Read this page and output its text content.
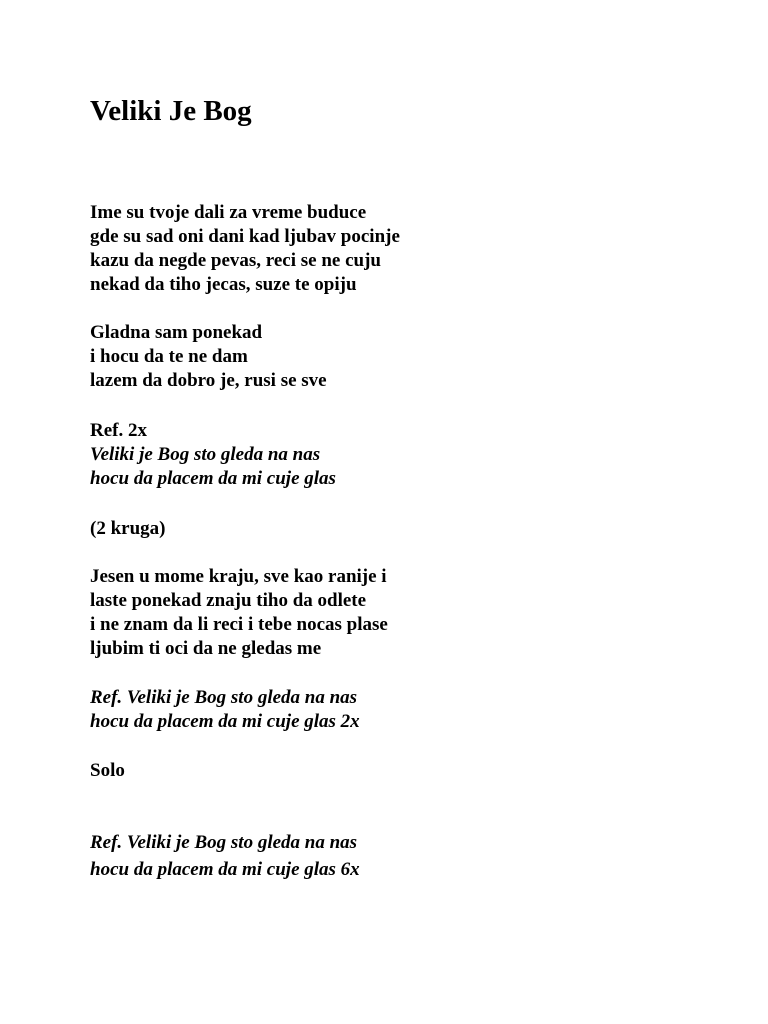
Veliki Je Bog
Ime su tvoje dali za vreme buduce
gde su sad oni dani kad ljubav pocinje
kazu da negde pevas, reci se ne cuju
nekad da tiho jecas, suze te opiju
Gladna sam ponekad
i hocu da te ne dam
lazem da dobro je, rusi se sve
Ref. 2x
Veliki je Bog sto gleda na nas
hocu da placem da mi cuje glas
(2 kruga)
Jesen u mome kraju, sve kao ranije i
laste ponekad znaju tiho da odlete
i ne znam da li reci i tebe nocas plase
ljubim ti oci da ne gledas me
Ref. Veliki je Bog sto gleda na nas
hocu da placem da mi cuje glas 2x
Solo
Ref. Veliki je Bog sto gleda na nas
hocu da placem da mi cuje glas 6x
